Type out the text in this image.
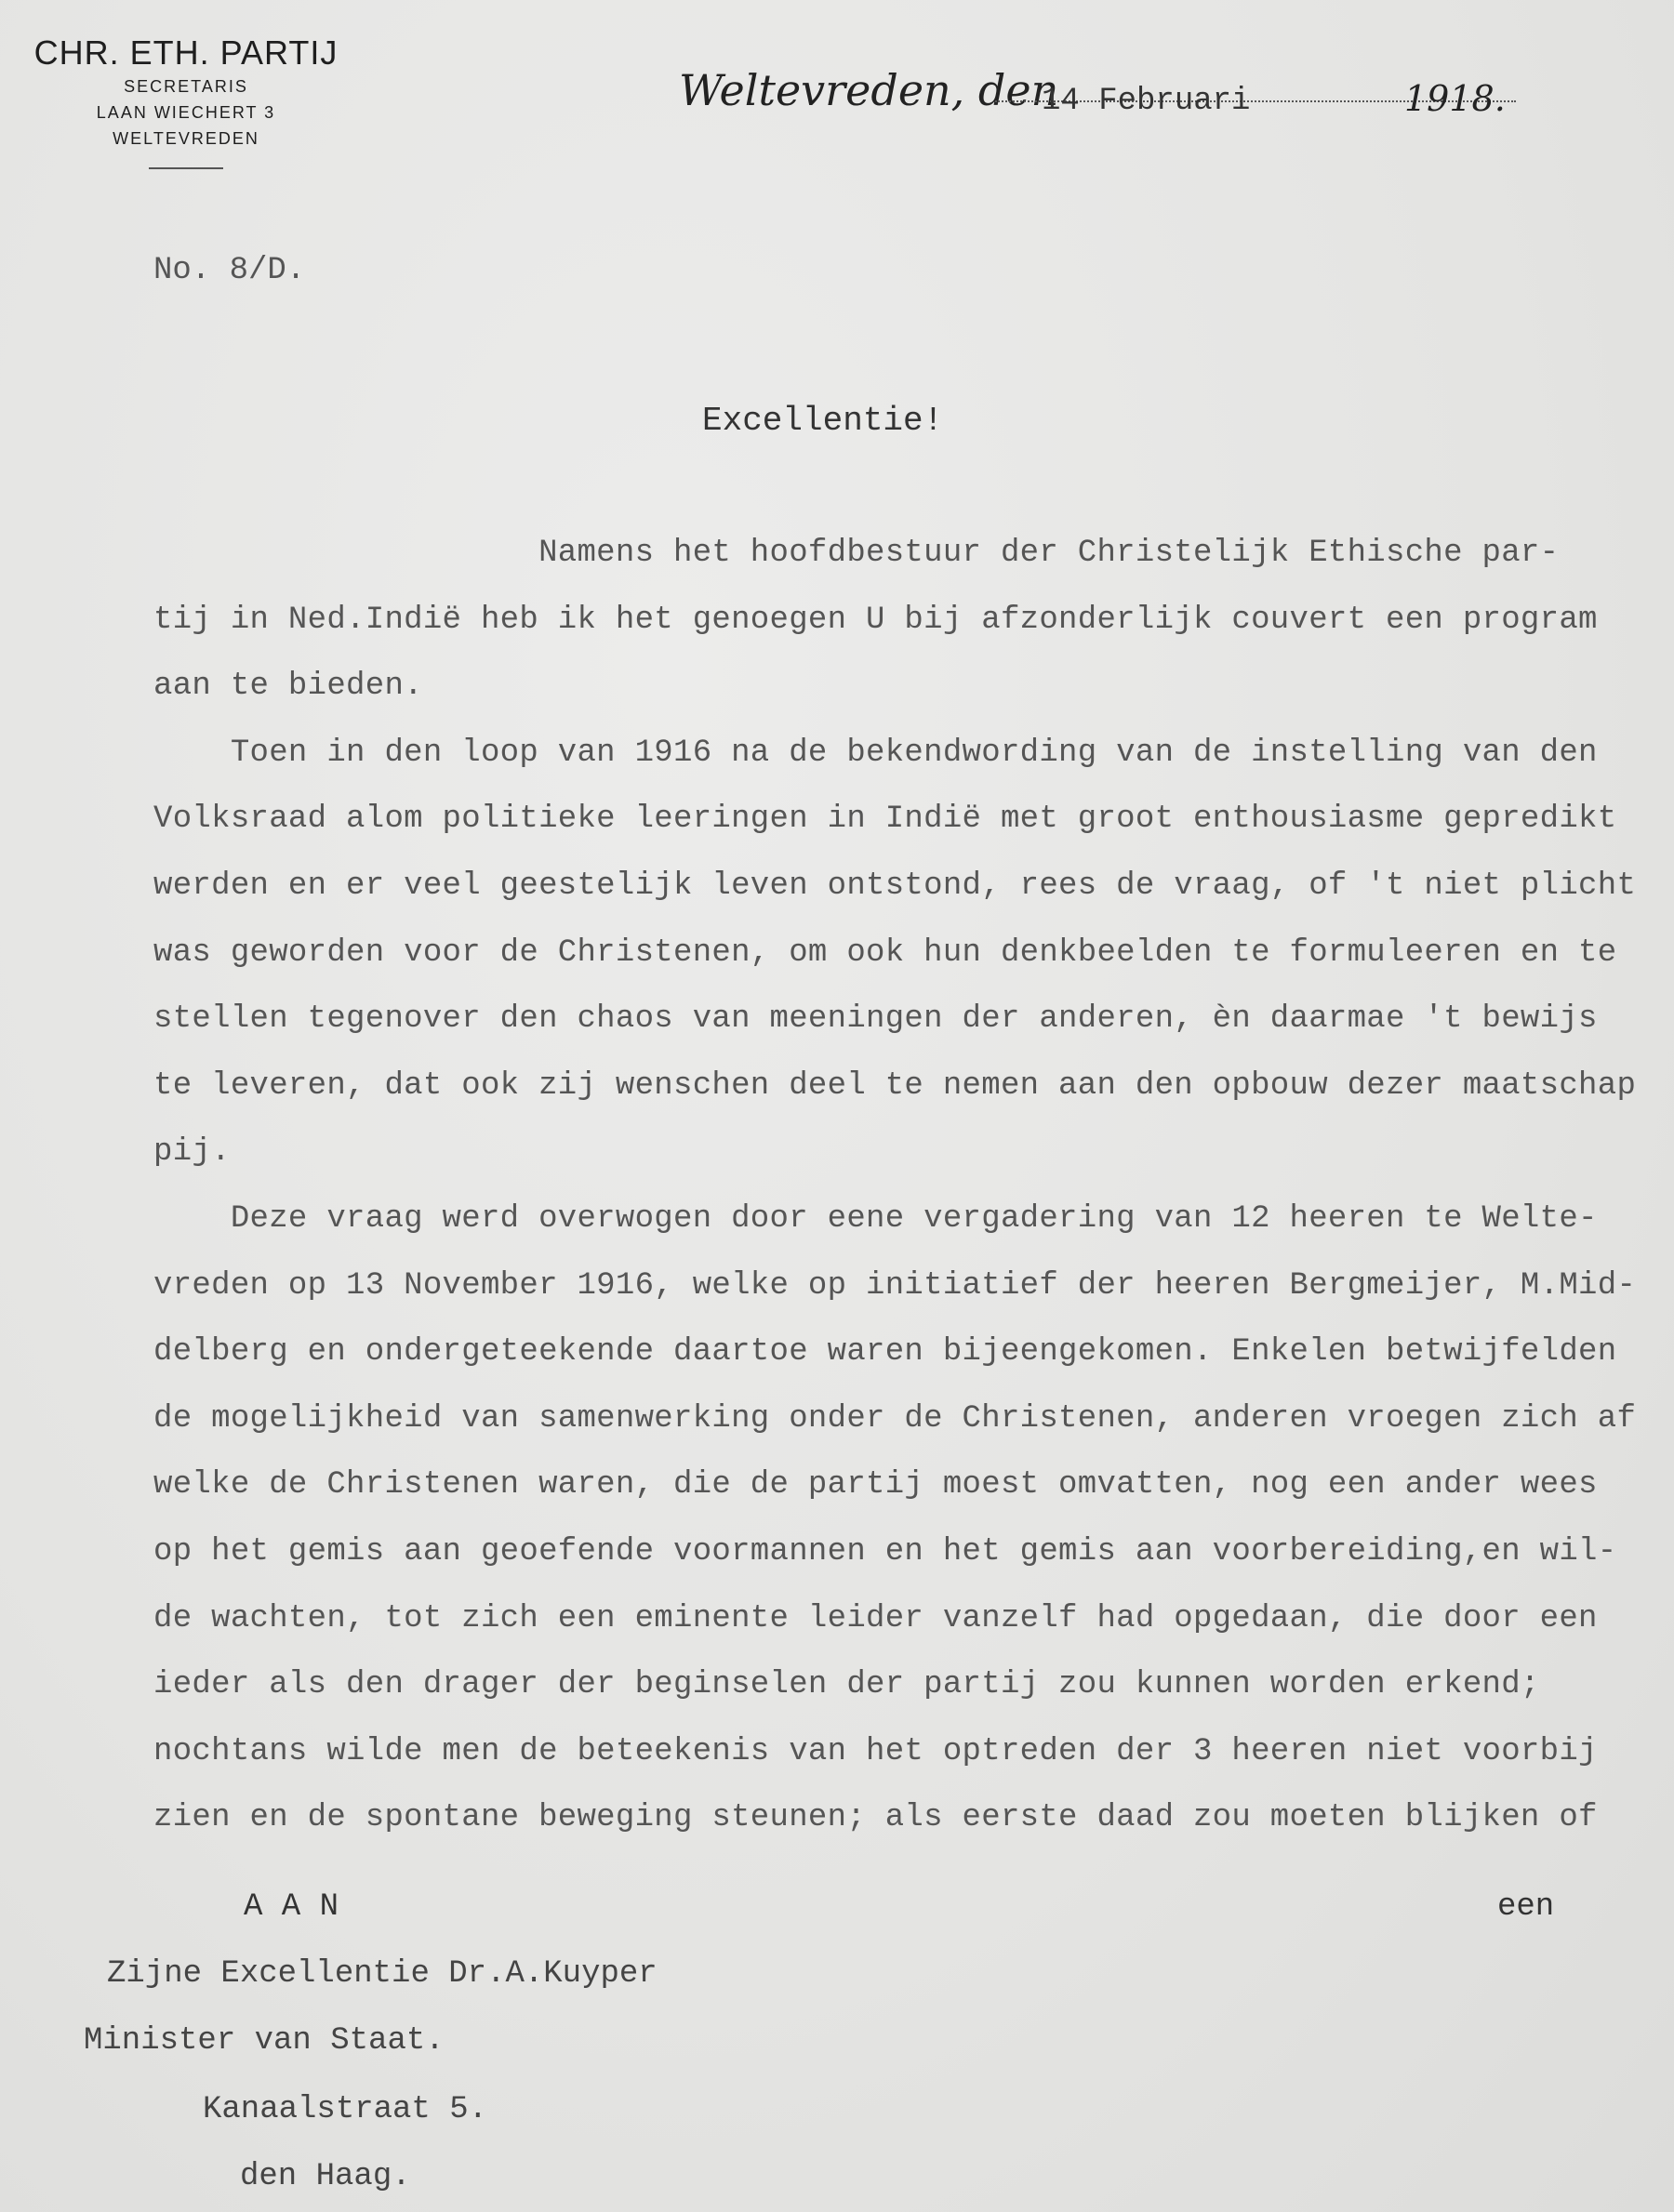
CHR. ETH. PARTIJ
SECRETARIS
LAAN WIECHERT 3
WELTEVREDEN
Weltevreden, den
14 Februari	1918.
No. 8/D.
Excellentie!
Namens het hoofdbestuur der Christelijk Ethische par-
tij in Ned.Indië heb ik het genoegen U bij afzonderlijk couvert een program
aan te bieden.
Toen in den loop van 1916 na de bekendwording van de instelling van den
Volksraad alom politieke leeringen in Indië met groot enthousiasme gepredikt
werden en er veel geestelijk leven ontstond, rees de vraag, of 't niet plicht
was geworden voor de Christenen, om ook hun denkbeelden te formuleeren en te
stellen tegenover den chaos van meeningen der anderen, èn daarmae 't bewijs
te leveren, dat ook zij wenschen deel te nemen aan den opbouw dezer maatschap
pij.
Deze vraag werd overwogen door eene vergadering van 12 heeren te Welte-
vreden op 13 November 1916, welke op initiatief der heeren Bergmeijer, M.Mid-
delberg en ondergeteekende daartoe waren bijeengekomen. Enkelen betwijfelden
de mogelijkheid van samenwerking onder de Christenen, anderen vroegen zich af
welke de Christenen waren, die de partij moest omvatten, nog een ander wees
op het gemis aan geoefende voormannen en het gemis aan voorbereiding,en wil-
de wachten, tot zich een eminente leider vanzelf had opgedaan, die door een
ieder als den drager der beginselen der partij zou kunnen worden erkend;
nochtans wilde men de beteekenis van het optreden der 3 heeren niet voorbij
zien en de spontane beweging steunen; als eerste daad zou moeten blijken of
A A N	een
Zijne Excellentie Dr.A.Kuyper
Minister van Staat.
Kanaalstraat 5.
den Haag.
